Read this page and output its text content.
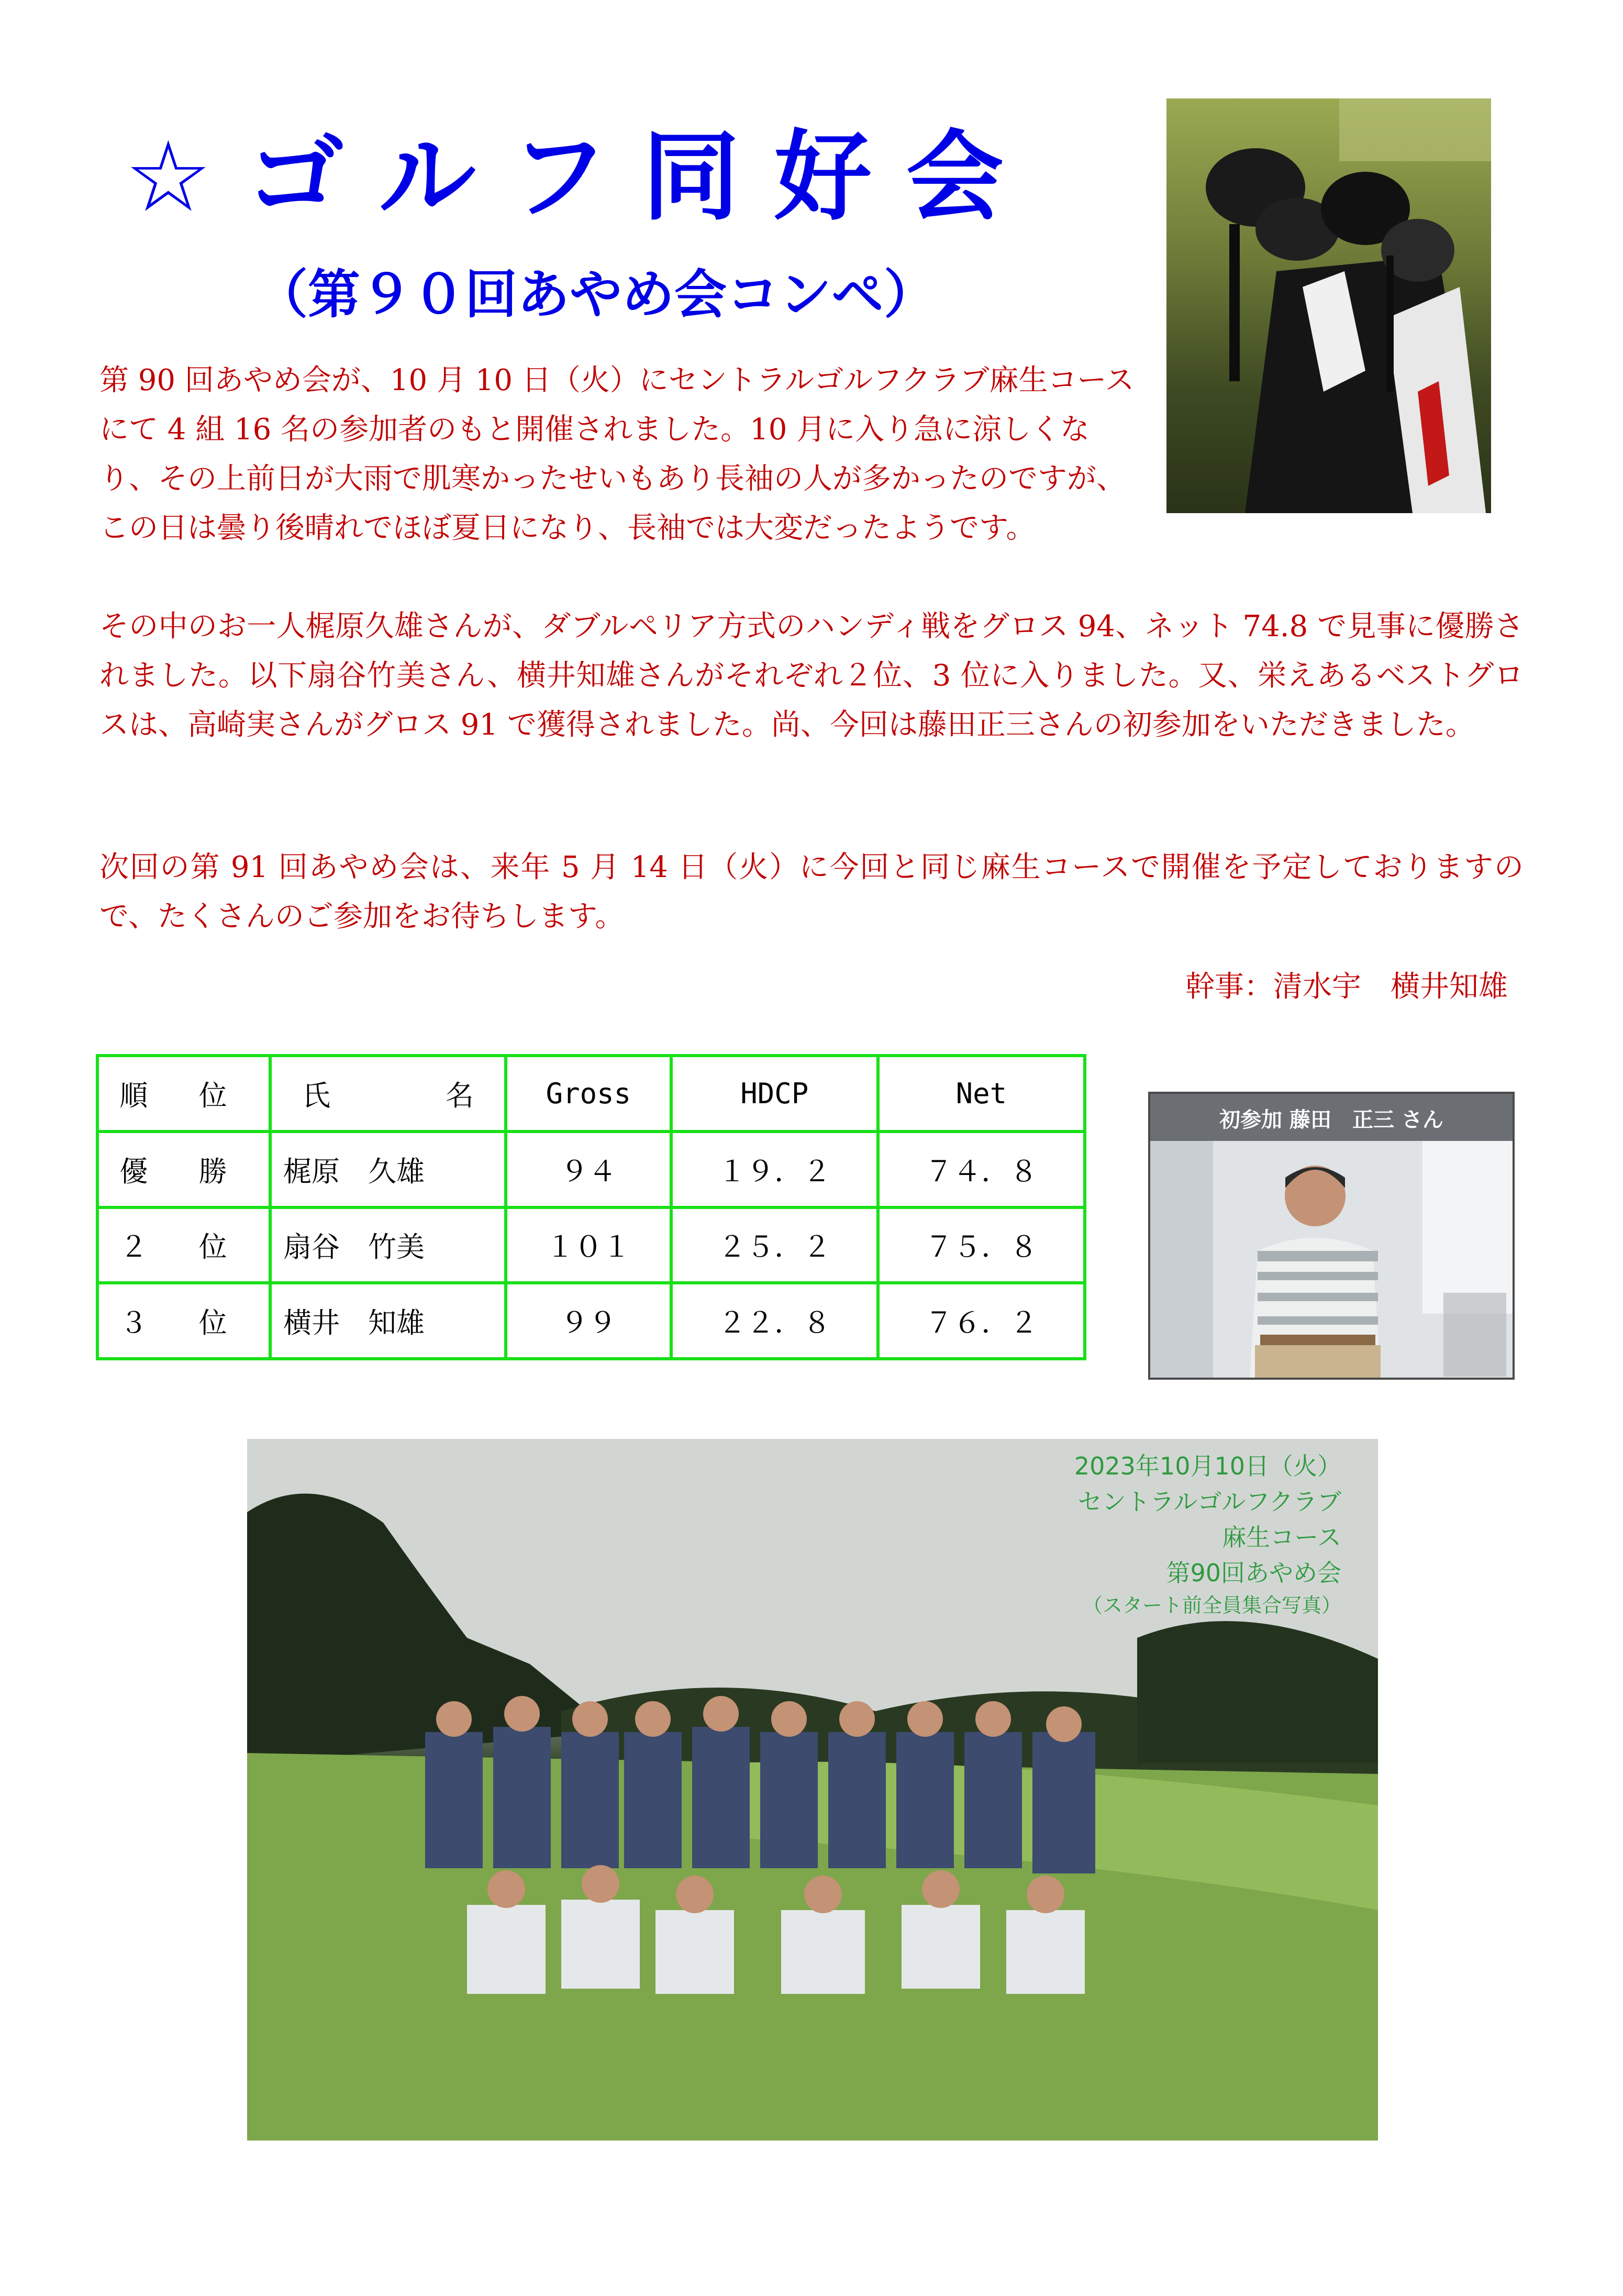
☆ゴルフ同好会
（第９０回あやめ会コンペ）

第 90 回あやめ会が、10 月 10 日（火）にセントラルゴルフクラブ麻生コースにて 4 組 16 名の参加者のもと開催されました。10 月に入り急に涼しくなり、その上前日が大雨で肌寒かったせいもあり長袖の人が多かったのですが、この日は曇り後晴れでほぼ夏日になり、長袖では大変だったようです。

その中のお一人梶原久雄さんが、ダブルペリア方式のハンディ戦をグロス 94、ネット 74.8 で見事に優勝されました。以下扇谷竹美さん、横井知雄さんがそれぞれ２位、3 位に入りました。又、栄えあるベストグロスは、高崎実さんがグロス 91 で獲得されました。尚、今回は藤田正三さんの初参加をいただきました。

次回の第 91 回あやめ会は、来年 5 月 14 日（火）に今回と同じ麻生コースで開催を予定しておりますので、たくさんのご参加をお待ちします。

幹事：清水宇　横井知雄
順 位	氏 名	Gross	HDCP	Net
優 勝	梶原　久雄	９４	１９．２	７４．８
２ 位	扇谷　竹美	１０１	２５．２	７５．８
３ 位	横井　知雄	９９	２２．８	７６．２
初参加 藤田　正三 さん
2023年10月10日（火）
セントラルゴルフクラブ
麻生コース
第90回あやめ会
（スタート前全員集合写真）
